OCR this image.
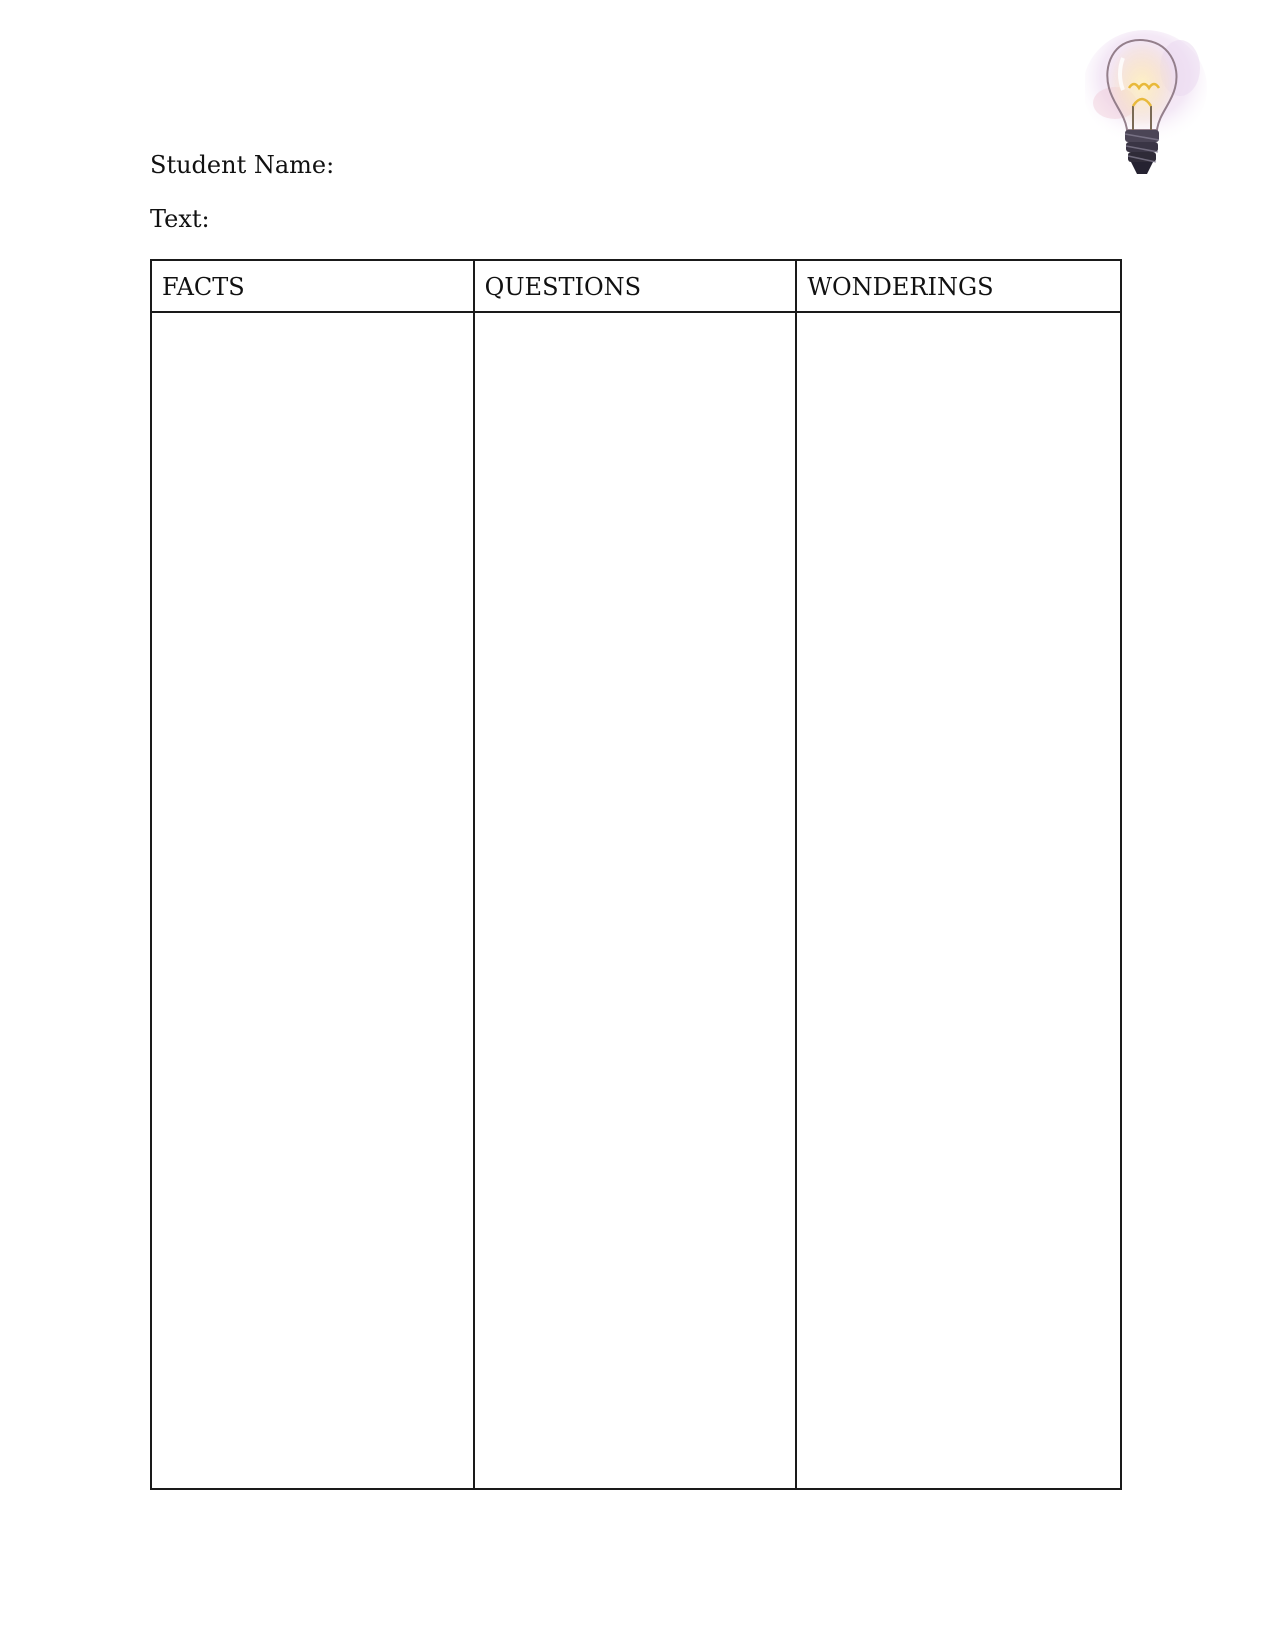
Student Name:
Text:
FACTS	QUESTIONS	WONDERINGS
